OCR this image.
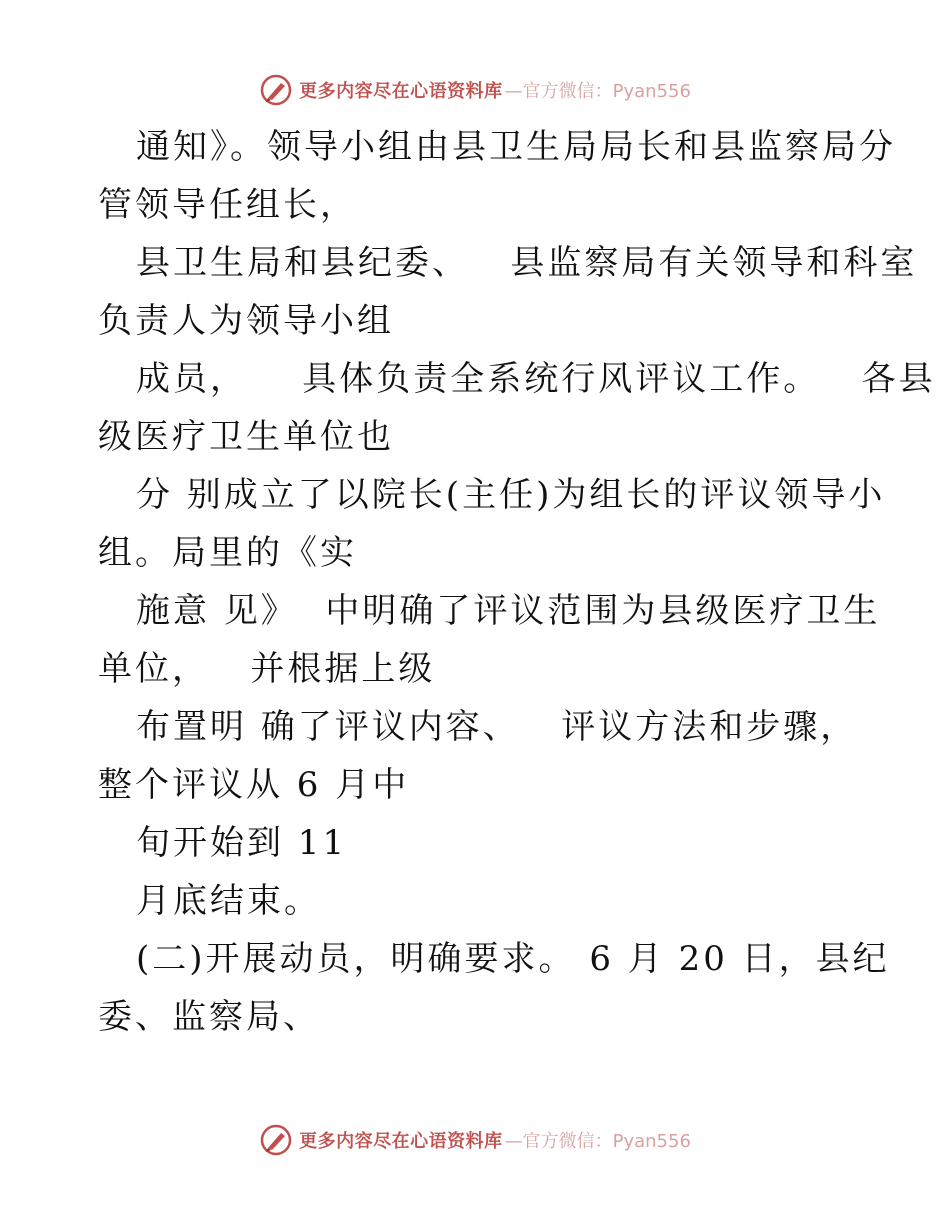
更多内容尽在心语资料库 —官方微信：Pyan556
通知》。领导小组由县卫生局局长和县监察局分
管领导任组长，
县卫生局和县纪委、   县监察局有关领导和科室
负责人为领导小组
成员，    具体负责全系统行风评议工作。   各县
级医疗卫生单位也
分 别成立了以院长(主任)为组长的评议领导小
组。局里的《实
施意 见》  中明确了评议范围为县级医疗卫生
单位，   并根据上级
布置明 确了评议内容、   评议方法和步骤，
整个评议从 6 月中
旬开始到 11
月底结束。
(二)开展动员，明确要求。 6 月 20 日，县纪
委、监察局、
更多内容尽在心语资料库 —官方微信：Pyan556
